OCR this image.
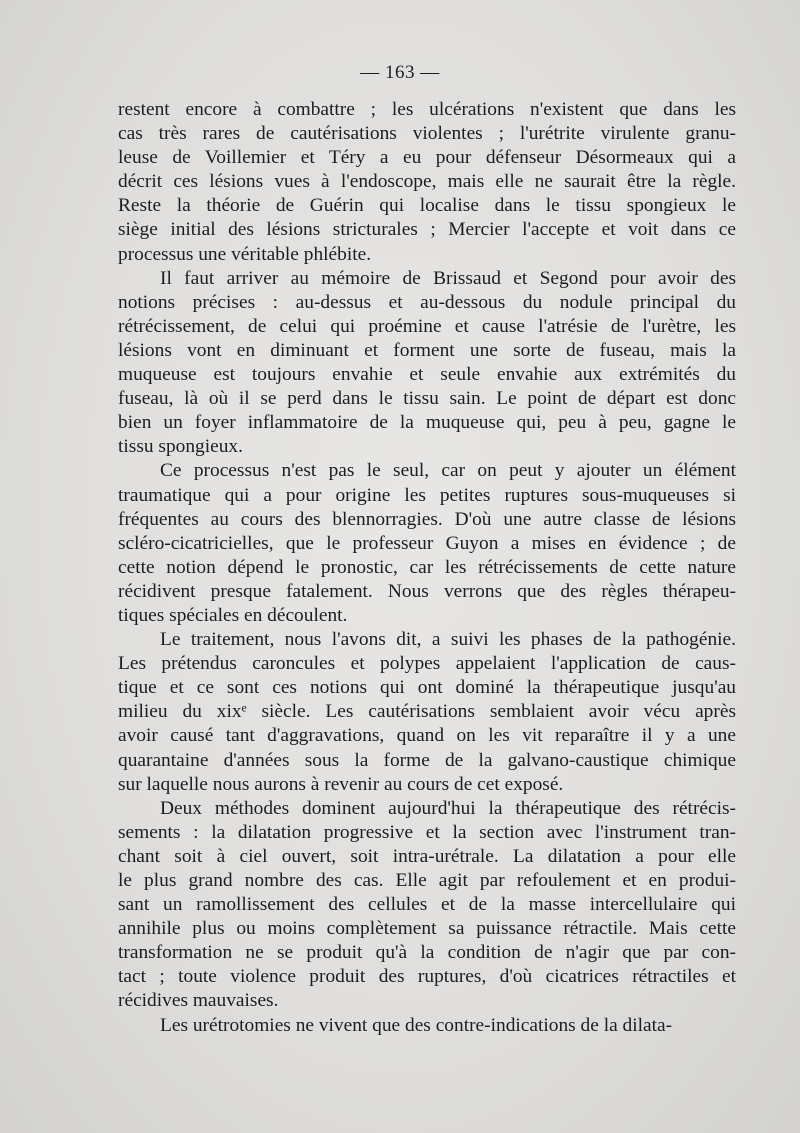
— 163 —
restent encore à combattre ; les ulcérations n'existent que dans les
cas très rares de cautérisations violentes ; l'urétrite virulente granu-
leuse de Voillemier et Téry a eu pour défenseur Désormeaux qui a
décrit ces lésions vues à l'endoscope, mais elle ne saurait être la règle.
Reste la théorie de Guérin qui localise dans le tissu spongieux le
siège initial des lésions stricturales ; Mercier l'accepte et voit dans ce
processus une véritable phlébite.
Il faut arriver au mémoire de Brissaud et Segond pour avoir des
notions précises : au-dessus et au-dessous du nodule principal du
rétrécissement, de celui qui proémine et cause l'atrésie de l'urètre, les
lésions vont en diminuant et forment une sorte de fuseau, mais la
muqueuse est toujours envahie et seule envahie aux extrémités du
fuseau, là où il se perd dans le tissu sain. Le point de départ est donc
bien un foyer inflammatoire de la muqueuse qui, peu à peu, gagne le
tissu spongieux.
Ce processus n'est pas le seul, car on peut y ajouter un élément
traumatique qui a pour origine les petites ruptures sous-muqueuses si
fréquentes au cours des blennorragies. D'où une autre classe de lésions
scléro-cicatricielles, que le professeur Guyon a mises en évidence ; de
cette notion dépend le pronostic, car les rétrécissements de cette nature
récidivent presque fatalement. Nous verrons que des règles thérapeu-
tiques spéciales en découlent.
Le traitement, nous l'avons dit, a suivi les phases de la pathogénie.
Les prétendus caroncules et polypes appelaient l'application de caus-
tique et ce sont ces notions qui ont dominé la thérapeutique jusqu'au
milieu du xixᵉ siècle. Les cautérisations semblaient avoir vécu après
avoir causé tant d'aggravations, quand on les vit reparaître il y a une
quarantaine d'années sous la forme de la galvano-caustique chimique
sur laquelle nous aurons à revenir au cours de cet exposé.
Deux méthodes dominent aujourd'hui la thérapeutique des rétrécis-
sements : la dilatation progressive et la section avec l'instrument tran-
chant soit à ciel ouvert, soit intra-urétrale. La dilatation a pour elle
le plus grand nombre des cas. Elle agit par refoulement et en produi-
sant un ramollissement des cellules et de la masse intercellulaire qui
annihile plus ou moins complètement sa puissance rétractile. Mais cette
transformation ne se produit qu'à la condition de n'agir que par con-
tact ; toute violence produit des ruptures, d'où cicatrices rétractiles et
récidives mauvaises.
Les urétrotomies ne vivent que des contre-indications de la dilata-
